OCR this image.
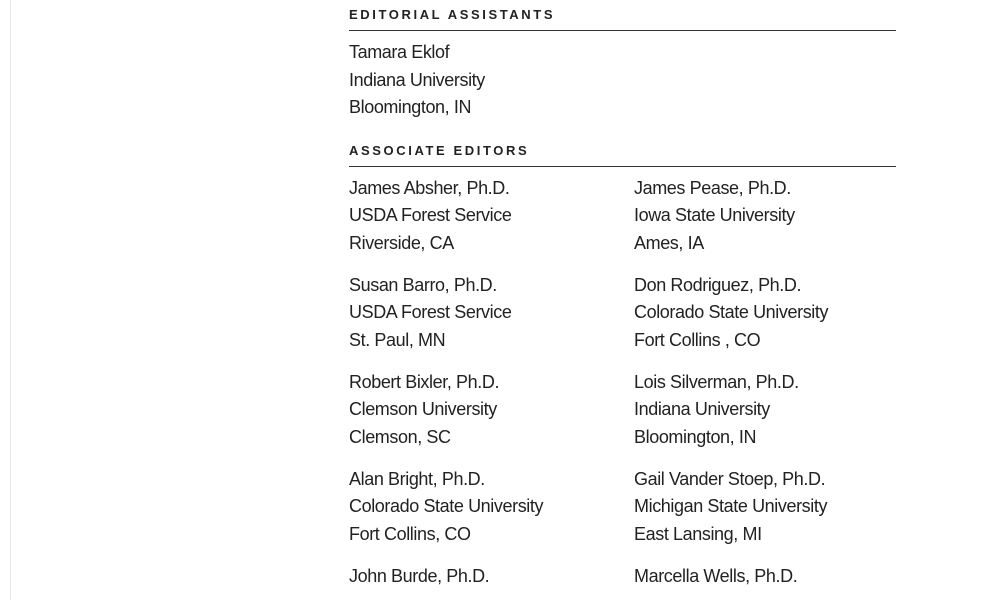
EDITORIAL ASSISTANTS
Tamara Eklof
Indiana University
Bloomington, IN
ASSOCIATE EDITORS
James Absher, Ph.D.
USDA Forest Service
Riverside, CA
James Pease, Ph.D.
Iowa State University
Ames, IA
Susan Barro, Ph.D.
USDA Forest Service
St. Paul, MN
Don Rodriguez, Ph.D.
Colorado State University
Fort Collins , CO
Robert Bixler, Ph.D.
Clemson University
Clemson, SC
Lois Silverman, Ph.D.
Indiana University
Bloomington, IN
Alan Bright, Ph.D.
Colorado State University
Fort Collins, CO
Gail Vander Stoep, Ph.D.
Michigan State University
East Lansing, MI
John Burde, Ph.D.	Marcella Wells, Ph.D.
